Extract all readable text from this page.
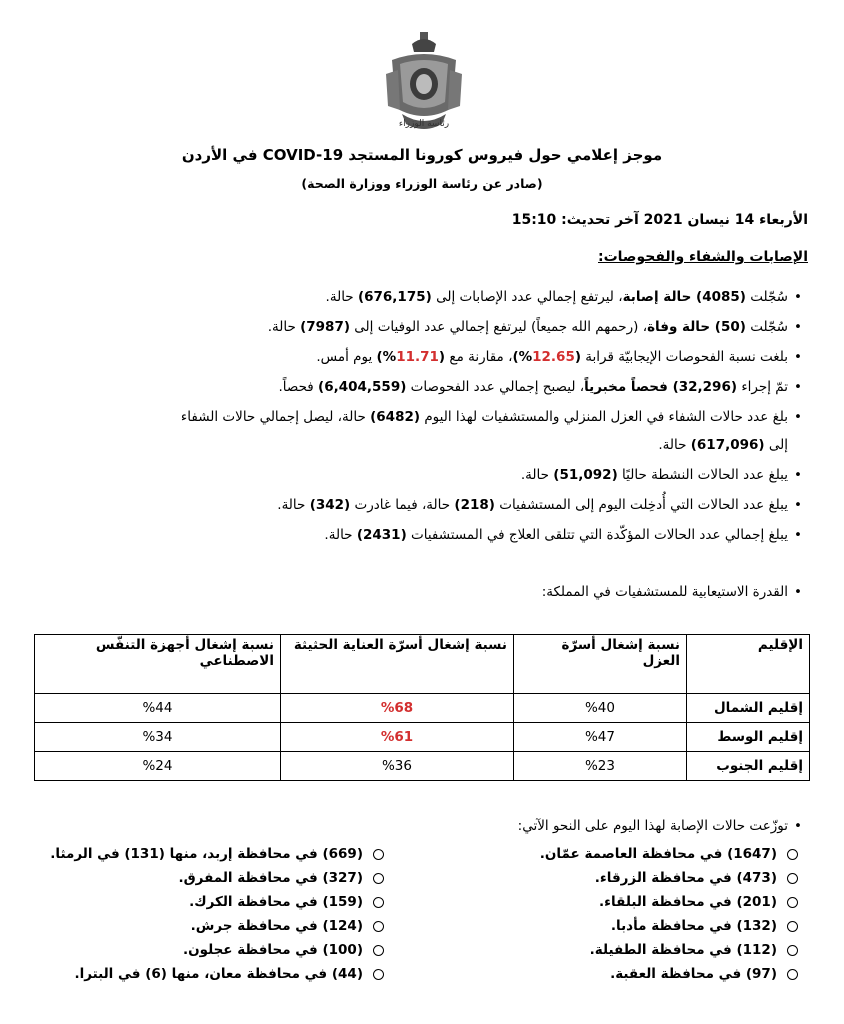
رئاسة الوزراء
موجز إعلامي حول فيروس كورونا المستجد COVID-19 في الأردن
(صادر عن رئاسة الوزراء ووزارة الصحة)
الأربعاء 14 نيسان 2021 آخر تحديث: 15:10
الإصابات والشفاء والفحوصات:
•سُجّلت (4085) حالة إصابة، ليرتفع إجمالي عدد الإصابات إلى (676,175) حالة.
•سُجّلت (50) حالة وفاة، (رحمهم الله جميعاً) ليرتفع إجمالي عدد الوفيات إلى (7987) حالة.
•بلغت نسبة الفحوصات الإيجابيّة قرابة (12.65%)، مقارنة مع (11.71%) يوم أمس.
•تمّ إجراء (32,296) فحصاً مخبرياً، ليصبح إجمالي عدد الفحوصات (6,404,559) فحصاً.
•بلغ عدد حالات الشفاء في العزل المنزلي والمستشفيات لهذا اليوم (6482) حالة، ليصل إجمالي حالات الشفاء
إلى (617,096) حالة.
•يبلغ عدد الحالات النشطة حاليًا (51,092) حالة.
•يبلغ عدد الحالات التي أُدخِلت اليوم إلى المستشفيات (218) حالة، فيما غادرت (342) حالة.
•يبلغ إجمالي عدد الحالات المؤكّدة التي تتلقى العلاج في المستشفيات (2431) حالة.
•القدرة الاستيعابية للمستشفيات في المملكة:
الإقليم	نسبة إشغال أسرّة العزل	نسبة إشغال أسرّة العناية الحثيثة	نسبة إشغال أجهزة التنفّس الاصطناعي
إقليم الشمال	%40	%68	%44
إقليم الوسط	%47	%61	%34
إقليم الجنوب	%23	%36	%24
•توزّعت حالات الإصابة لهذا اليوم على النحو الآتي:
(1647) في محافظة العاصمة عمّان.
(473) في محافظة الزرقاء.
(201) في محافظة البلقاء.
(132) في محافظة مأدبا.
(112) في محافظة الطفيلة.
(97) في محافظة العقبة.
(669) في محافظة إربد، منها (131) في الرمثا.
(327) في محافظة المفرق.
(159) في محافظة الكرك.
(124) في محافظة جرش.
(100) في محافظة عجلون.
(44) في محافظة معان، منها (6) في البترا.
